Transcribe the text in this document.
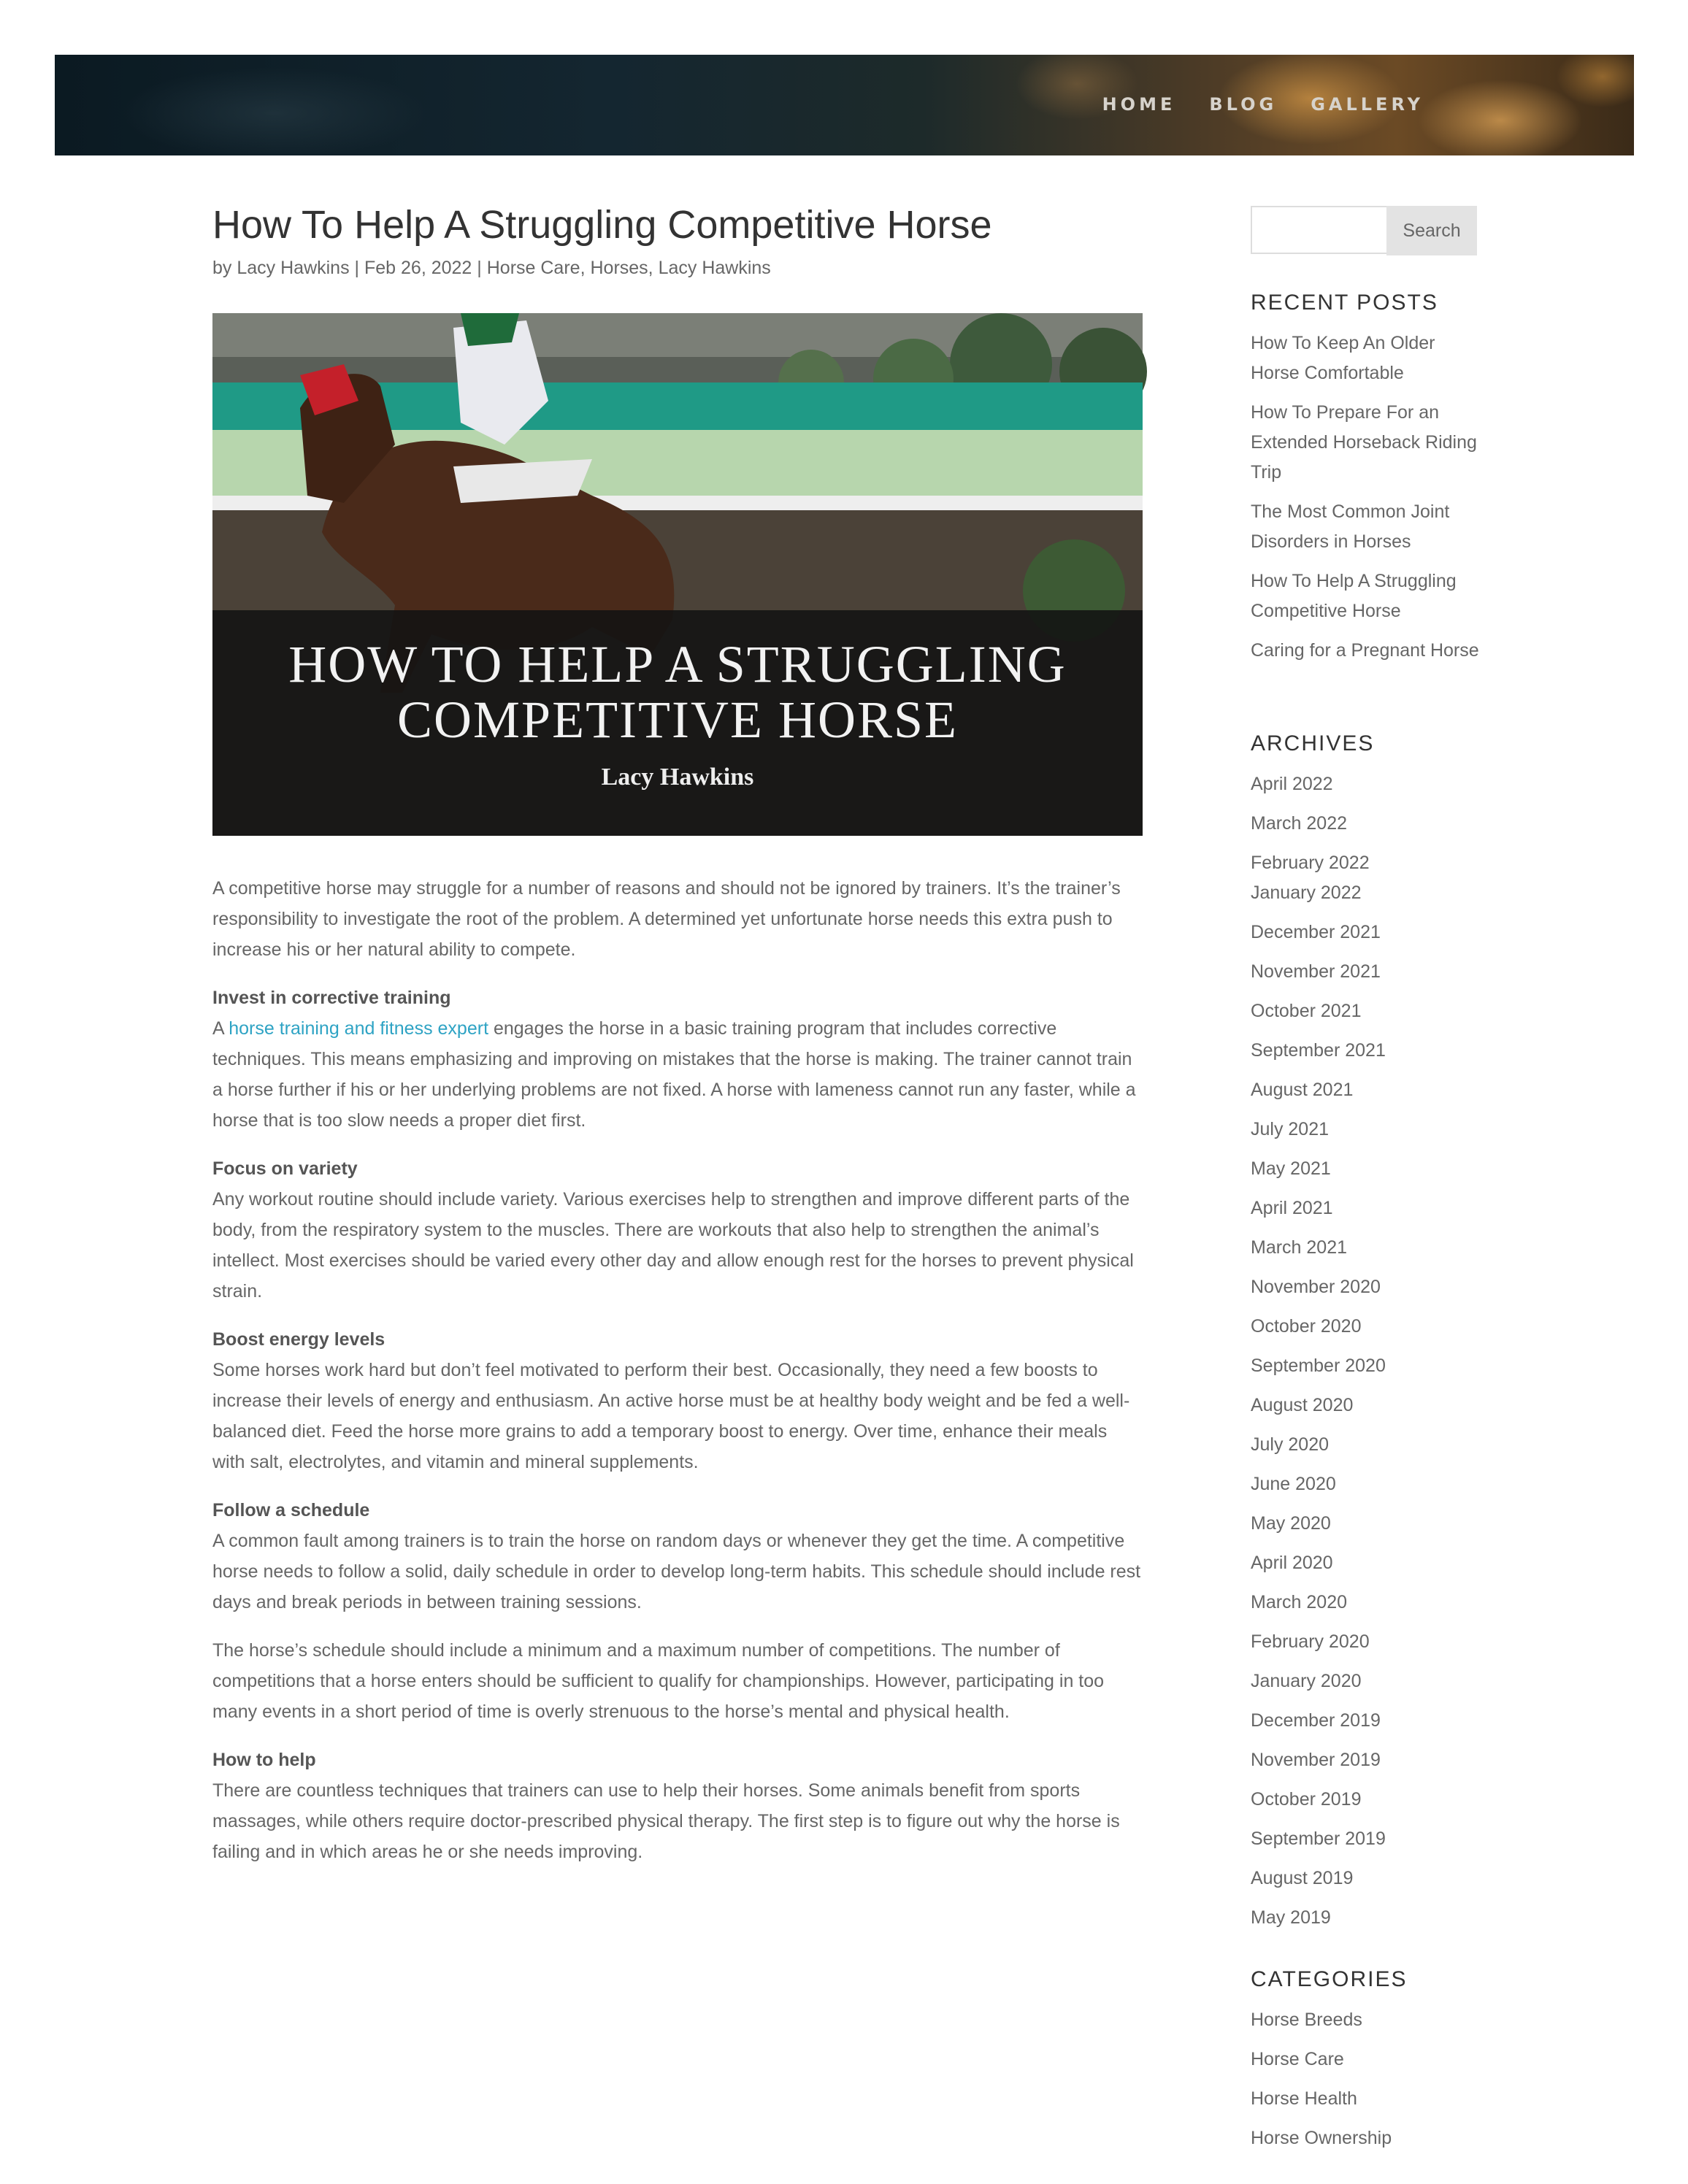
HOME BLOG GALLERY
How To Help A Struggling Competitive Horse
by Lacy Hawkins | Feb 26, 2022 | Horse Care, Horses, Lacy Hawkins
HOW TO HELP A STRUGGLING
COMPETITIVE HORSE
Lacy Hawkins

A competitive horse may struggle for a number of reasons and should not be ignored by trainers. It’s the trainer’s responsibility to investigate the root of the problem. A determined yet unfortunate horse needs this extra push to increase his or her natural ability to compete.

Invest in corrective training

A horse training and fitness expert engages the horse in a basic training program that includes corrective techniques. This means emphasizing and improving on mistakes that the horse is making. The trainer cannot train a horse further if his or her underlying problems are not fixed. A horse with lameness cannot run any faster, while a horse that is too slow needs a proper diet first.

Focus on variety

Any workout routine should include variety. Various exercises help to strengthen and improve different parts of the body, from the respiratory system to the muscles. There are workouts that also help to strengthen the animal’s intellect. Most exercises should be varied every other day and allow enough rest for the horses to prevent physical strain.

Boost energy levels

Some horses work hard but don’t feel motivated to perform their best. Occasionally, they need a few boosts to increase their levels of energy and enthusiasm. An active horse must be at healthy body weight and be fed a well-balanced diet. Feed the horse more grains to add a temporary boost to energy. Over time, enhance their meals with salt, electrolytes, and vitamin and mineral supplements.

Follow a schedule

A common fault among trainers is to train the horse on random days or whenever they get the time. A competitive horse needs to follow a solid, daily schedule in order to develop long-term habits. This schedule should include rest days and break periods in between training sessions.

The horse’s schedule should include a minimum and a maximum number of competitions. The number of competitions that a horse enters should be sufficient to qualify for championships. However, participating in too many events in a short period of time is overly strenuous to the horse’s mental and physical health.

How to help

There are countless techniques that trainers can use to help their horses. Some animals benefit from sports massages, while others require doctor-prescribed physical therapy. The first step is to figure out why the horse is failing and in which areas he or she needs improving.

Search
RECENT POSTS
How To Keep An Older Horse Comfortable
How To Prepare For an Extended Horseback Riding Trip
The Most Common Joint Disorders in Horses
How To Help A Struggling Competitive Horse
Caring for a Pregnant Horse
ARCHIVES
April 2022
March 2022
February 2022
January 2022
December 2021
November 2021
October 2021
September 2021
August 2021
July 2021
May 2021
April 2021
March 2021
November 2020
October 2020
September 2020
August 2020
July 2020
June 2020
May 2020
April 2020
March 2020
February 2020
January 2020
December 2019
November 2019
October 2019
September 2019
August 2019
May 2019
CATEGORIES
Horse Breeds
Horse Care
Horse Health
Horse Ownership
